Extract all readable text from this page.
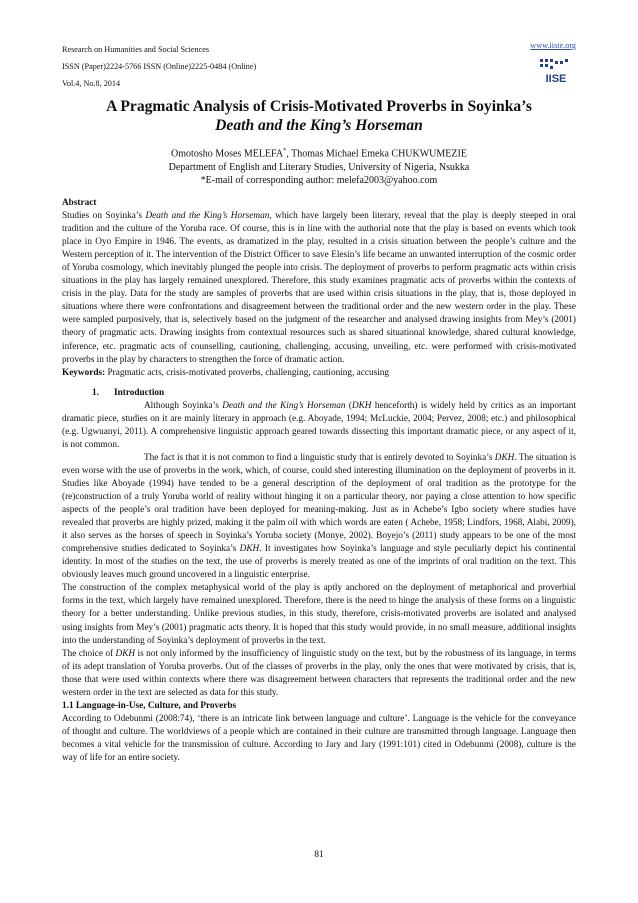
Research on Humanities and Social Sciences
ISSN (Paper)2224-5766 ISSN (Online)2225-0484 (Online)
Vol.4, No.8, 2014
www.iiste.org
IISE
A Pragmatic Analysis of Crisis-Motivated Proverbs in Soyinka’s
Death and the King’s Horseman
Omotosho Moses MELEFA*, Thomas Michael Emeka CHUKWUMEZIE
Department of English and Literary Studies, University of Nigeria, Nsukka
*E-mail of corresponding author: melefa2003@yahoo.com

Abstract

Studies on Soyinka’s Death and the King’s Horseman, which have largely been literary, reveal that the play is deeply steeped in oral tradition and the culture of the Yoruba race. Of course, this is in line with the authorial note that the play is based on events which took place in Oyo Empire in 1946. The events, as dramatized in the play, resulted in a crisis situation between the people’s culture and the Western perception of it. The intervention of the District Officer to save Elesin’s life became an unwanted interruption of the cosmic order of Yoruba cosmology, which inevitably plunged the people into crisis. The deployment of proverbs to perform pragmatic acts within crisis situations in the play has largely remained unexplored. Therefore, this study examines pragmatic acts of proverbs within the contexts of crisis in the play. Data for the study are samples of proverbs that are used within crisis situations in the play, that is, those deployed in situations where there were confrontations and disagreement between the traditional order and the new western order in the play. These were sampled purposively, that is, selectively based on the judgment of the researcher and analysed drawing insights from Mey’s (2001) theory of pragmatic acts. Drawing insights from contextual resources such as shared situational knowledge, shared cultural knowledge, inference, etc. pragmatic acts of counselling, cautioning, challenging, accusing, unveiling, etc. were performed with crisis-motivated proverbs in the play by characters to strengthen the force of dramatic action.

Keywords: Pragmatic acts, crisis-motivated proverbs, challenging, cautioning, accusing

1. Introduction

Although Soyinka’s Death and the King’s Horseman (DKH henceforth) is widely held by critics as an important dramatic piece, studies on it are mainly literary in approach (e.g. Aboyade, 1994; McLuckie, 2004; Pervez, 2008; etc.) and philosophical (e.g. Ugwuanyi, 2011). A comprehensive linguistic approach geared towards dissecting this important dramatic piece, or any aspect of it, is not common.

The fact is that it is not common to find a linguistic study that is entirely devoted to Soyinka’s DKH. The situation is even worse with the use of proverbs in the work, which, of course, could shed interesting illumination on the deployment of proverbs in it. Studies like Aboyade (1994) have tended to be a general description of the deployment of oral tradition as the prototype for the (re)construction of a truly Yoruba world of reality without hinging it on a particular theory, nor paying a close attention to how specific aspects of the people’s oral tradition have been deployed for meaning-making. Just as in Achebe’s Igbo society where studies have revealed that proverbs are highly prized, making it the palm oil with which words are eaten ( Achebe, 1958; Lindfors, 1968, Alabi, 2009), it also serves as the horses of speech in Soyinka’s Yoruba society (Monye, 2002). Boyejo’s (2011) study appears to be one of the most comprehensive studies dedicated to Soyinka’s DKH. It investigates how Soyinka’s language and style peculiarly depict his continental identity. In most of the studies on the text, the use of proverbs is merely treated as one of the imprints of oral tradition on the text. This obviously leaves much ground uncovered in a linguistic enterprise.

The construction of the complex metaphysical world of the play is aptly anchored on the deployment of metaphorical and proverbial forms in the text, which largely have remained unexplored. Therefore, there is the need to hinge the analysis of these forms on a linguistic theory for a better understanding. Unlike previous studies, in this study, therefore, crisis-motivated proverbs are isolated and analysed using insights from Mey’s (2001) pragmatic acts theory. It is hoped that this study would provide, in no small measure, additional insights into the understanding of Soyinka’s deployment of proverbs in the text.

The choice of DKH is not only informed by the insufficiency of linguistic study on the text, but by the robustness of its language, in terms of its adept translation of Yoruba proverbs. Out of the classes of proverbs in the play, only the ones that were motivated by crisis, that is, those that were used within contexts where there was disagreement between characters that represents the traditional order and the new western order in the text are selected as data for this study.

1.1 Language-in-Use, Culture, and Proverbs

According to Odebunmi (2008:74), ‘there is an intricate link between language and culture’. Language is the vehicle for the conveyance of thought and culture. The worldviews of a people which are contained in their culture are transmitted through language. Language then becomes a vital vehicle for the transmission of culture. According to Jary and Jary (1991:101) cited in Odebunmi (2008), culture is the way of life for an entire society.

81
